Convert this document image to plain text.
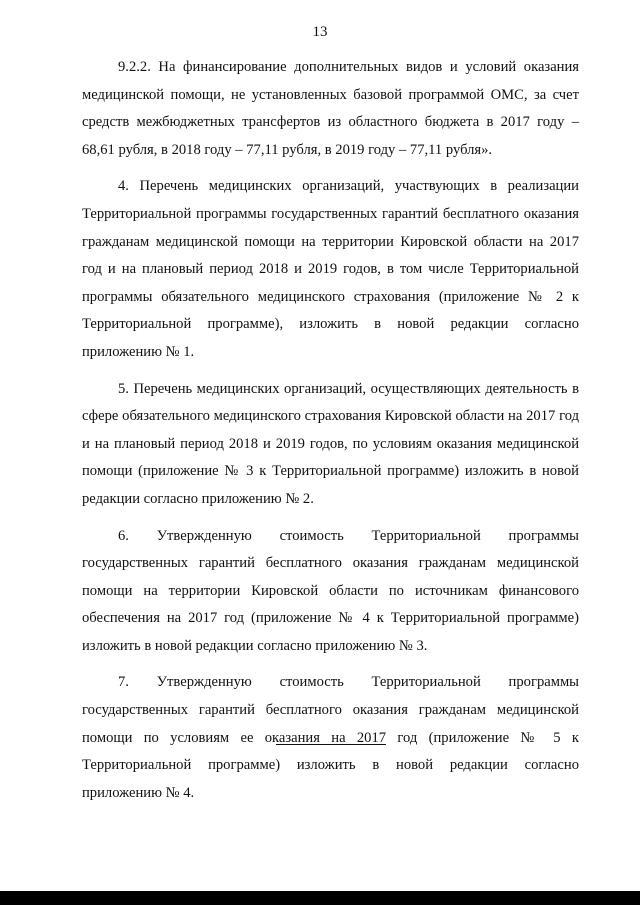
13

9.2.2. На финансирование дополнительных видов и условий оказания медицинской помощи, не установленных базовой программой ОМС, за счет средств межбюджетных трансфертов из областного бюджета в 2017 году – 68,61 рубля, в 2018 году – 77,11 рубля, в 2019 году – 77,11 рубля».

4. Перечень медицинских организаций, участвующих в реализации Территориальной программы государственных гарантий бесплатного оказания гражданам медицинской помощи на территории Кировской области на 2017 год и на плановый период 2018 и 2019 годов, в том числе Территориальной программы обязательного медицинского страхования (приложение № 2 к Территориальной программе), изложить в новой редакции согласно приложению № 1.

5. Перечень медицинских организаций, осуществляющих деятельность в сфере обязательного медицинского страхования Кировской области на 2017 год и на плановый период 2018 и 2019 годов, по условиям оказания медицинской помощи (приложение № 3 к Территориальной программе) изложить в новой редакции согласно приложению № 2.

6. Утвержденную стоимость Территориальной программы государственных гарантий бесплатного оказания гражданам медицинской помощи на территории Кировской области по источникам финансового обеспечения на 2017 год (приложение № 4 к Территориальной программе) изложить в новой редакции согласно приложению № 3.

7. Утвержденную стоимость Территориальной программы государственных гарантий бесплатного оказания гражданам медицинской помощи по условиям ее оказания на 2017 год (приложение № 5 к Территориальной программе) изложить в новой редакции согласно приложению № 4.
